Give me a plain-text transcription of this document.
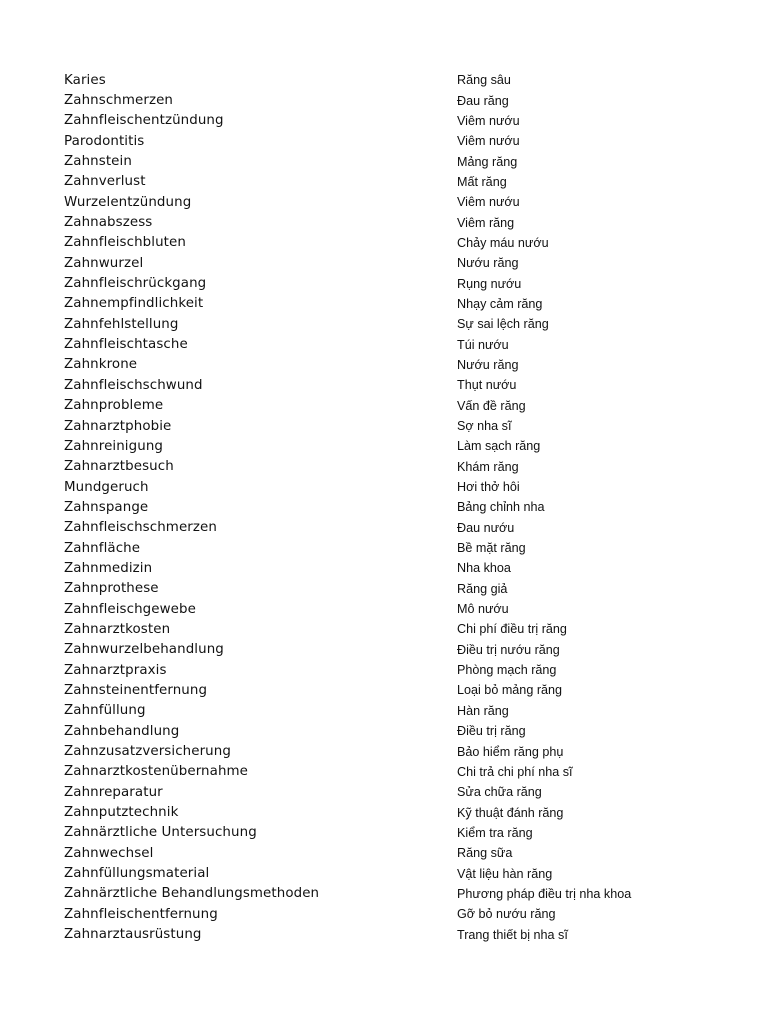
Karies	Răng sâu
Zahnschmerzen	Đau răng
Zahnfleischentzündung	Viêm nướu
Parodontitis	Viêm nướu
Zahnstein	Mảng răng
Zahnverlust	Mất răng
Wurzelentzündung	Viêm nướu
Zahnabszess	Viêm răng
Zahnfleischbluten	Chảy máu nướu
Zahnwurzel	Nướu răng
Zahnfleischrückgang	Rụng nướu
Zahnempfindlichkeit	Nhạy cảm răng
Zahnfehlstellung	Sự sai lệch răng
Zahnfleischtasche	Túi nướu
Zahnkrone	Nướu răng
Zahnfleischschwund	Thụt nướu
Zahnprobleme	Vấn đề răng
Zahnarztphobie	Sợ nha sĩ
Zahnreinigung	Làm sạch răng
Zahnarztbesuch	Khám răng
Mundgeruch	Hơi thở hôi
Zahnspange	Bảng chỉnh nha
Zahnfleischschmerzen	Đau nướu
Zahnfläche	Bề mặt răng
Zahnmedizin	Nha khoa
Zahnprothese	Răng giả
Zahnfleischgewebe	Mô nướu
Zahnarztkosten	Chi phí điều trị răng
Zahnwurzelbehandlung	Điều trị nướu răng
Zahnarztpraxis	Phòng mạch răng
Zahnsteinentfernung	Loại bỏ mảng răng
Zahnfüllung	Hàn răng
Zahnbehandlung	Điều trị răng
Zahnzusatzversicherung	Bảo hiểm răng phụ
Zahnarztkostenübernahme	Chi trả chi phí nha sĩ
Zahnreparatur	Sửa chữa răng
Zahnputztechnik	Kỹ thuật đánh răng
Zahnärztliche Untersuchung	Kiểm tra răng
Zahnwechsel	Răng sữa
Zahnfüllungsmaterial	Vật liệu hàn răng
Zahnärztliche Behandlungsmethoden	Phương pháp điều trị nha khoa
Zahnfleischentfernung	Gỡ bỏ nướu răng
Zahnarztausrüstung	Trang thiết bị nha sĩ
